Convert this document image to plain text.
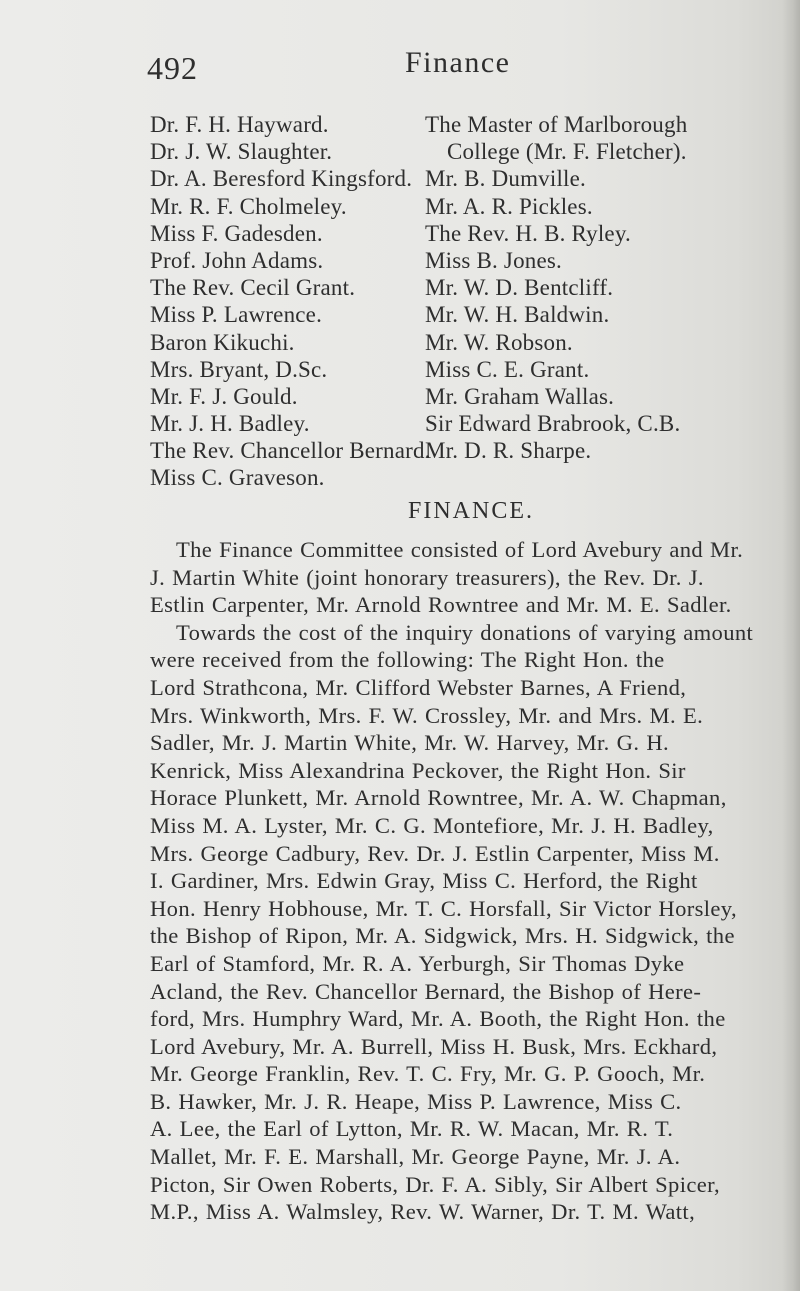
492	Finance
Dr. F. H. Hayward.
Dr. J. W. Slaughter.
Dr. A. Beresford Kingsford.
Mr. R. F. Cholmeley.
Miss F. Gadesden.
Prof. John Adams.
The Rev. Cecil Grant.
Miss P. Lawrence.
Baron Kikuchi.
Mrs. Bryant, D.Sc.
Mr. F. J. Gould.
Mr. J. H. Badley.
The Rev. Chancellor Bernard.
Miss C. Graveson.
The Master of Marlborough
College (Mr. F. Fletcher).
Mr. B. Dumville.
Mr. A. R. Pickles.
The Rev. H. B. Ryley.
Miss B. Jones.
Mr. W. D. Bentcliff.
Mr. W. H. Baldwin.
Mr. W. Robson.
Miss C. E. Grant.
Mr. Graham Wallas.
Sir Edward Brabrook, C.B.
Mr. D. R. Sharpe.
FINANCE.
The Finance Committee consisted of Lord Avebury and Mr.
J. Martin White (joint honorary treasurers), the Rev. Dr. J.
Estlin Carpenter, Mr. Arnold Rowntree and Mr. M. E. Sadler.
Towards the cost of the inquiry donations of varying amount
were received from the following: The Right Hon. the
Lord Strathcona, Mr. Clifford Webster Barnes, A Friend,
Mrs. Winkworth, Mrs. F. W. Crossley, Mr. and Mrs. M. E.
Sadler, Mr. J. Martin White, Mr. W. Harvey, Mr. G. H.
Kenrick, Miss Alexandrina Peckover, the Right Hon. Sir
Horace Plunkett, Mr. Arnold Rowntree, Mr. A. W. Chapman,
Miss M. A. Lyster, Mr. C. G. Montefiore, Mr. J. H. Badley,
Mrs. George Cadbury, Rev. Dr. J. Estlin Carpenter, Miss M.
I. Gardiner, Mrs. Edwin Gray, Miss C. Herford, the Right
Hon. Henry Hobhouse, Mr. T. C. Horsfall, Sir Victor Horsley,
the Bishop of Ripon, Mr. A. Sidgwick, Mrs. H. Sidgwick, the
Earl of Stamford, Mr. R. A. Yerburgh, Sir Thomas Dyke
Acland, the Rev. Chancellor Bernard, the Bishop of Here-
ford, Mrs. Humphry Ward, Mr. A. Booth, the Right Hon. the
Lord Avebury, Mr. A. Burrell, Miss H. Busk, Mrs. Eckhard,
Mr. George Franklin, Rev. T. C. Fry, Mr. G. P. Gooch, Mr.
B. Hawker, Mr. J. R. Heape, Miss P. Lawrence, Miss C.
A. Lee, the Earl of Lytton, Mr. R. W. Macan, Mr. R. T.
Mallet, Mr. F. E. Marshall, Mr. George Payne, Mr. J. A.
Picton, Sir Owen Roberts, Dr. F. A. Sibly, Sir Albert Spicer,
M.P., Miss A. Walmsley, Rev. W. Warner, Dr. T. M. Watt,
